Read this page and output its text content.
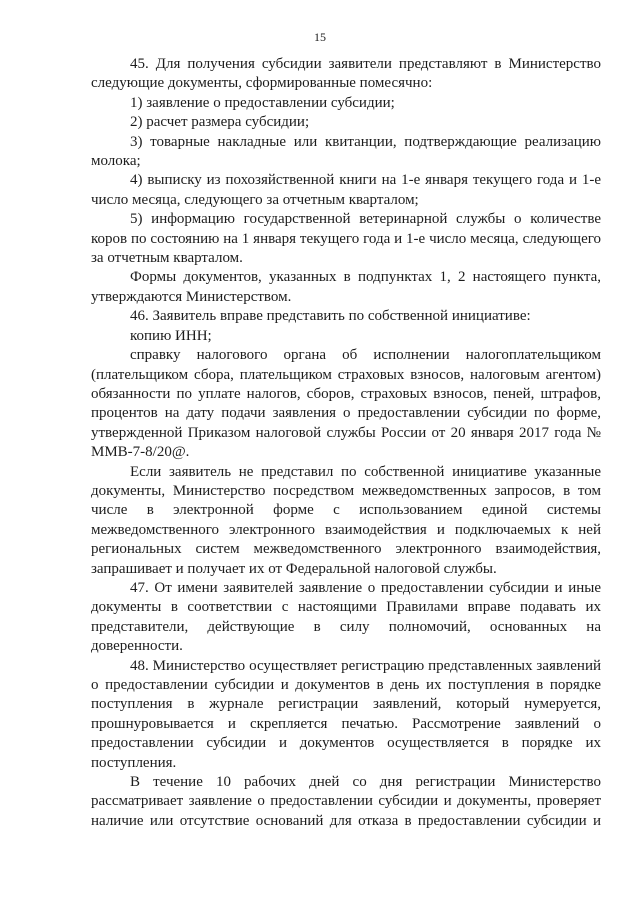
15

45. Для получения субсидии заявители представляют в Министерство следующие документы, сформированные помесячно:

1) заявление о предоставлении субсидии;

2) расчет размера субсидии;

3) товарные накладные или квитанции, подтверждающие реализацию молока;

4) выписку из похозяйственной книги на 1-е января текущего года и 1-е число месяца, следующего за отчетным кварталом;

5) информацию государственной ветеринарной службы о количестве коров по состоянию на 1 января текущего года и 1-е число месяца, следующего за отчетным кварталом.

Формы документов, указанных в подпунктах 1, 2 настоящего пункта, утверждаются Министерством.

46. Заявитель вправе представить по собственной инициативе:

копию ИНН;

справку налогового органа об исполнении налогоплательщиком (плательщиком сбора, плательщиком страховых взносов, налоговым агентом) обязанности по уплате налогов, сборов, страховых взносов, пеней, штрафов, процентов на дату подачи заявления о предоставлении субсидии по форме, утвержденной Приказом налоговой службы России от 20 января 2017 года № ММВ-7-8/20@.

Если заявитель не представил по собственной инициативе указанные документы, Министерство посредством межведомственных запросов, в том числе в электронной форме с использованием единой системы межведомственного электронного взаимодействия и подключаемых к ней региональных систем межведомственного электронного взаимодействия, запрашивает и получает их от Федеральной налоговой службы.

47. От имени заявителей заявление о предоставлении субсидии и иные документы в соответствии с настоящими Правилами вправе подавать их представители, действующие в силу полномочий, основанных на доверенности.

48. Министерство осуществляет регистрацию представленных заявлений о предоставлении субсидии и документов в день их поступления в порядке поступления в журнале регистрации заявлений, который нумеруется, прошнуровывается и скрепляется печатью. Рассмотрение заявлений о предоставлении субсидии и документов осуществляется в порядке их поступления.

В течение 10 рабочих дней со дня регистрации Министерство рассматривает заявление о предоставлении субсидии и документы, проверяет наличие или отсутствие оснований для отказа в предоставлении субсидии и
